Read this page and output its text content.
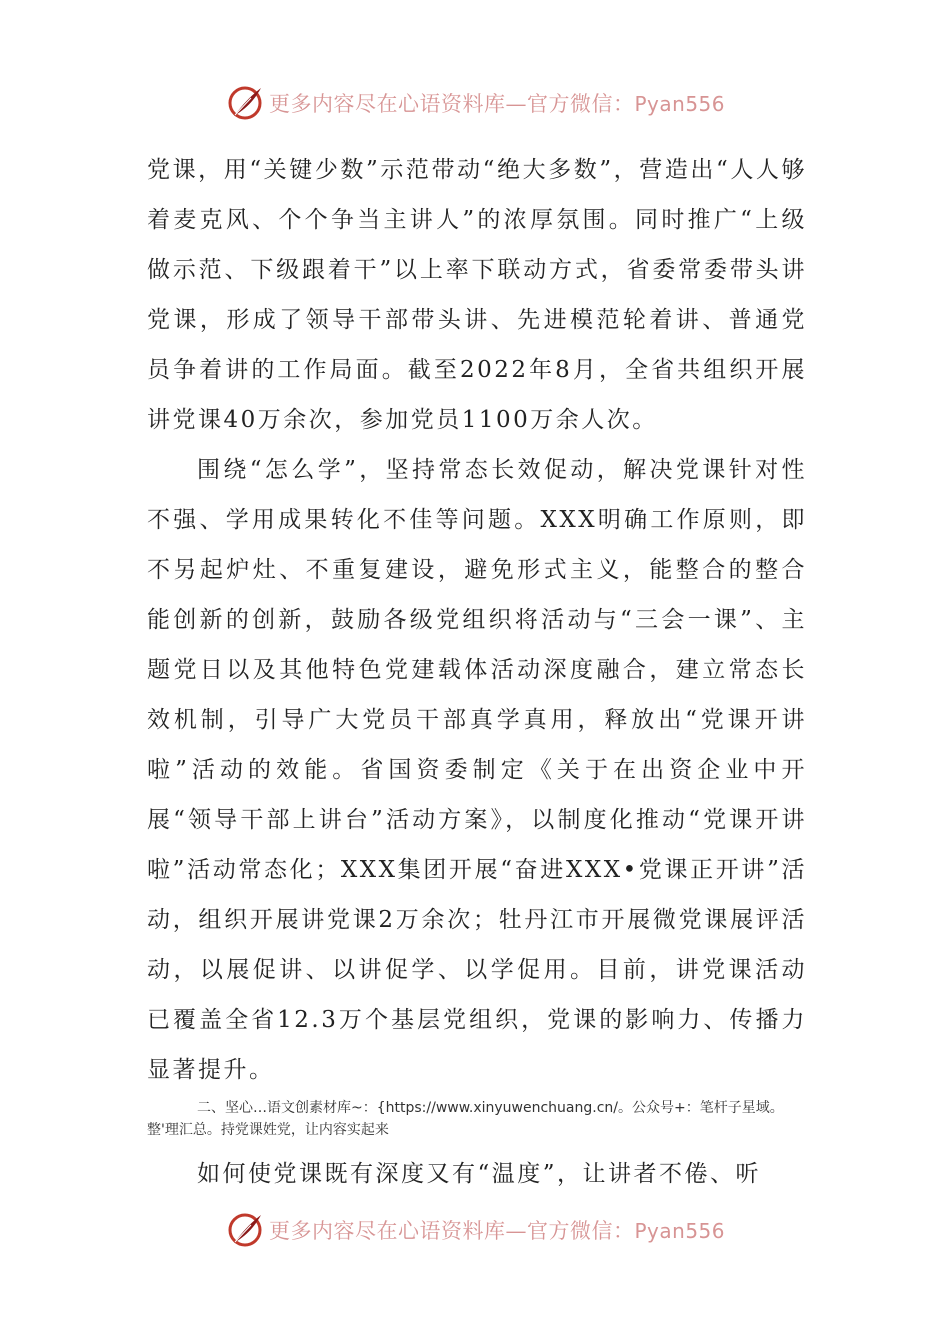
更多内容尽在心语资料库—官方微信：Pyan556

党课，用“关键少数”示范带动“绝大多数”，营造出“人人够着麦克风、个个争当主讲人”的浓厚氛围。同时推广“上级做示范、下级跟着干”以上率下联动方式，省委常委带头讲党课，形成了领导干部带头讲、先进模范轮着讲、普通党员争着讲的工作局面。截至2022年8月，全省共组织开展讲党课40万余次，参加党员1100万余人次。

围绕“怎么学”，坚持常态长效促动，解决党课针对性不强、学用成果转化不佳等问题。XXX明确工作原则，即不另起炉灶、不重复建设，避免形式主义，能整合的整合能创新的创新，鼓励各级党组织将活动与“三会一课”、主题党日以及其他特色党建载体活动深度融合，建立常态长效机制，引导广大党员干部真学真用，释放出“党课开讲啦”活动的效能。省国资委制定《关于在出资企业中开展“领导干部上讲台”活动方案》，以制度化推动“党课开讲啦”活动常态化；XXX集团开展“奋进XXX•党课正开讲”活动，组织开展讲党课2万余次；牡丹江市开展微党课展评活动，以展促讲、以讲促学、以学促用。目前，讲党课活动已覆盖全省12.3万个基层党组织，党课的影响力、传播力显著提升。

二、坚心…语文创素材库~：{https://www.xinyuwenchuang.cn/。公众号+：笔杆子星域。整'理汇总。持党课姓党，让内容实起来

如何使党课既有深度又有“温度”，让讲者不倦、听

更多内容尽在心语资料库—官方微信：Pyan556
